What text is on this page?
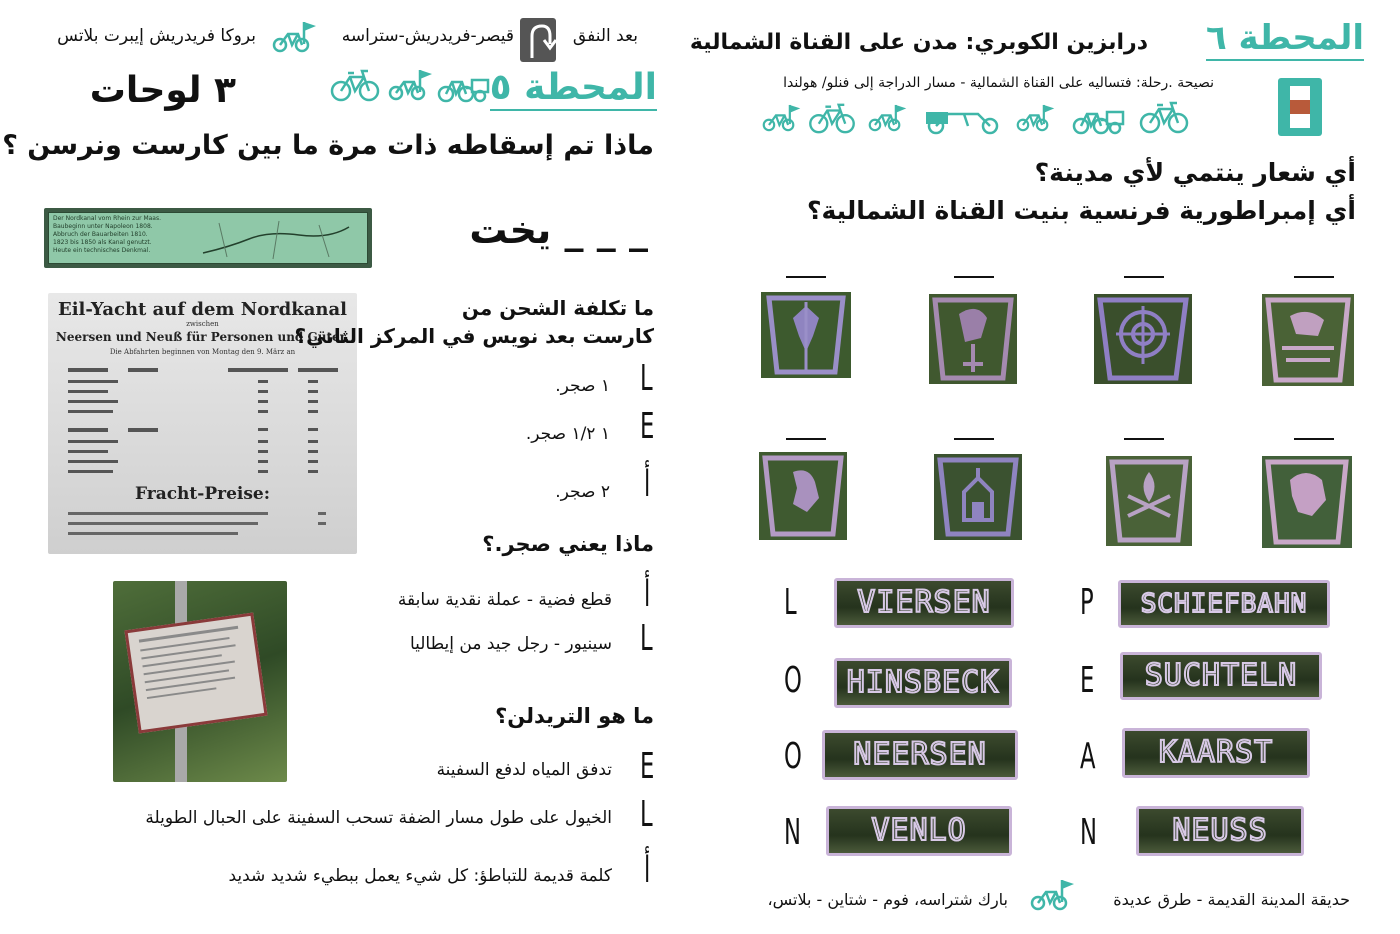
بعد النفق
قيصر-فريدريش-ستراسه
بروكا فريدريش إيبرت بلاتس
المحطة ٥
٣ لوحات
ماذا تم إسقاطه ذات مرة ما بين كارست ونرسن ؟
Der Nordkanal vom Rhein zur Maas.
Baubeginn unter Napoleon 1808.
Abbruch der Bauarbeiten 1810.
1823 bis 1850 als Kanal genutzt.
Heute ein technisches Denkmal.	_ _ _ يخت
Eil-Yacht auf dem Nordkanal
zwischen
Neersen und Neuß für Personen und Güter.
Die Abfahrten beginnen von Montag den 9. März an
Fracht-Preise:
ما تكلفة الشحن من
كارست بعد نويس في المركز الثاني؟
L
١ صجر.
E
١ ١/٢ صجر.
أ
٢ صجر.
ماذا يعني صجر.؟
أ
قطع فضية - عملة نقدية سابقة
L
سينيور - رجل جيد من إيطاليا
ما هو التريدلن؟
E
تدفق المياه لدفع السفينة
L
الخيول على طول مسار الضفة تسحب السفينة على الحبال الطويلة
أ
كلمة قديمة للتباطؤ: كل شيء يعمل ببطيء شديد شديد
المحطة ٦
درابزين الكوبري: مدن على القناة الشمالية
نصيحة .رحلة: فتساليه على القناة الشمالية - مسار الدراجة إلى فنلو/ هولندا
أي شعار ينتمي لأي مدينة؟
أي إمبراطورية فرنسية بنيت القناة الشمالية؟
L	VIERSEN
O	HINSBECK
O	NEERSEN
N	VENLO
P	SCHIEFBAHN
E	SUCHTELN
A	KAARST
N	NEUSS
حديقة المدينة القديمة - طرق عديدة
بارك شتراسه، فوم - شتاين - بلاتس،
